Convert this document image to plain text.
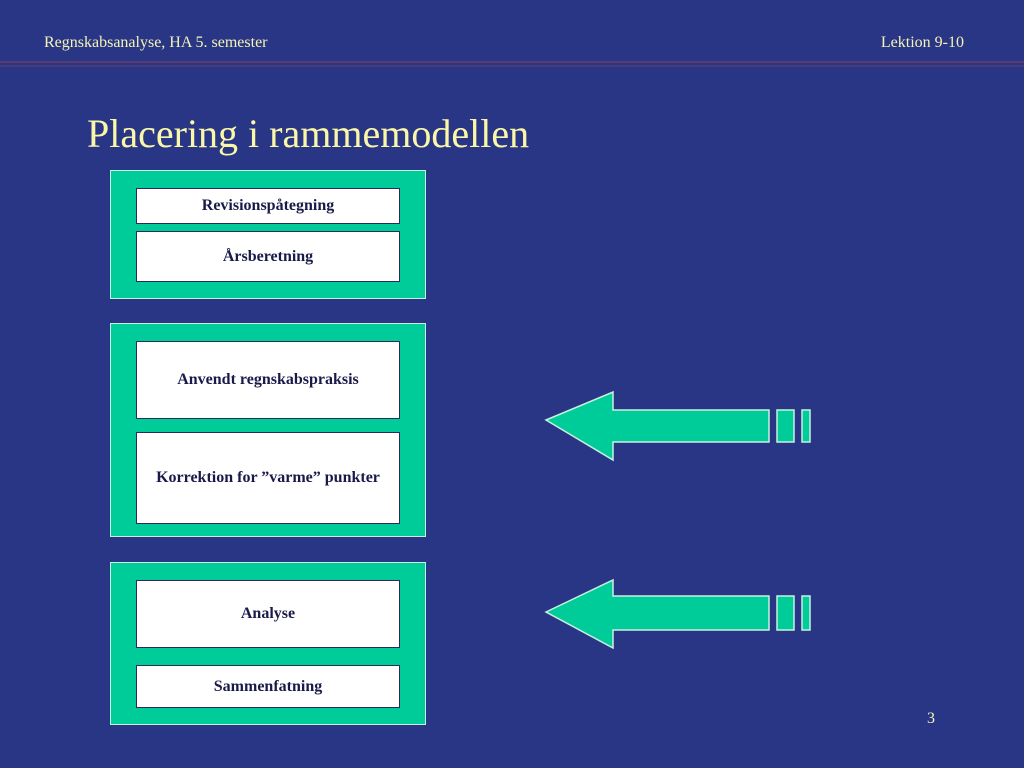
Regnskabsanalyse, HA 5. semester	Lektion 9-10
Placering i rammemodellen
Revisionspåtegning
Årsberetning
Anvendt regnskabspraksis
Korrektion for ”varme” punkter
Analyse
Sammenfatning
3
